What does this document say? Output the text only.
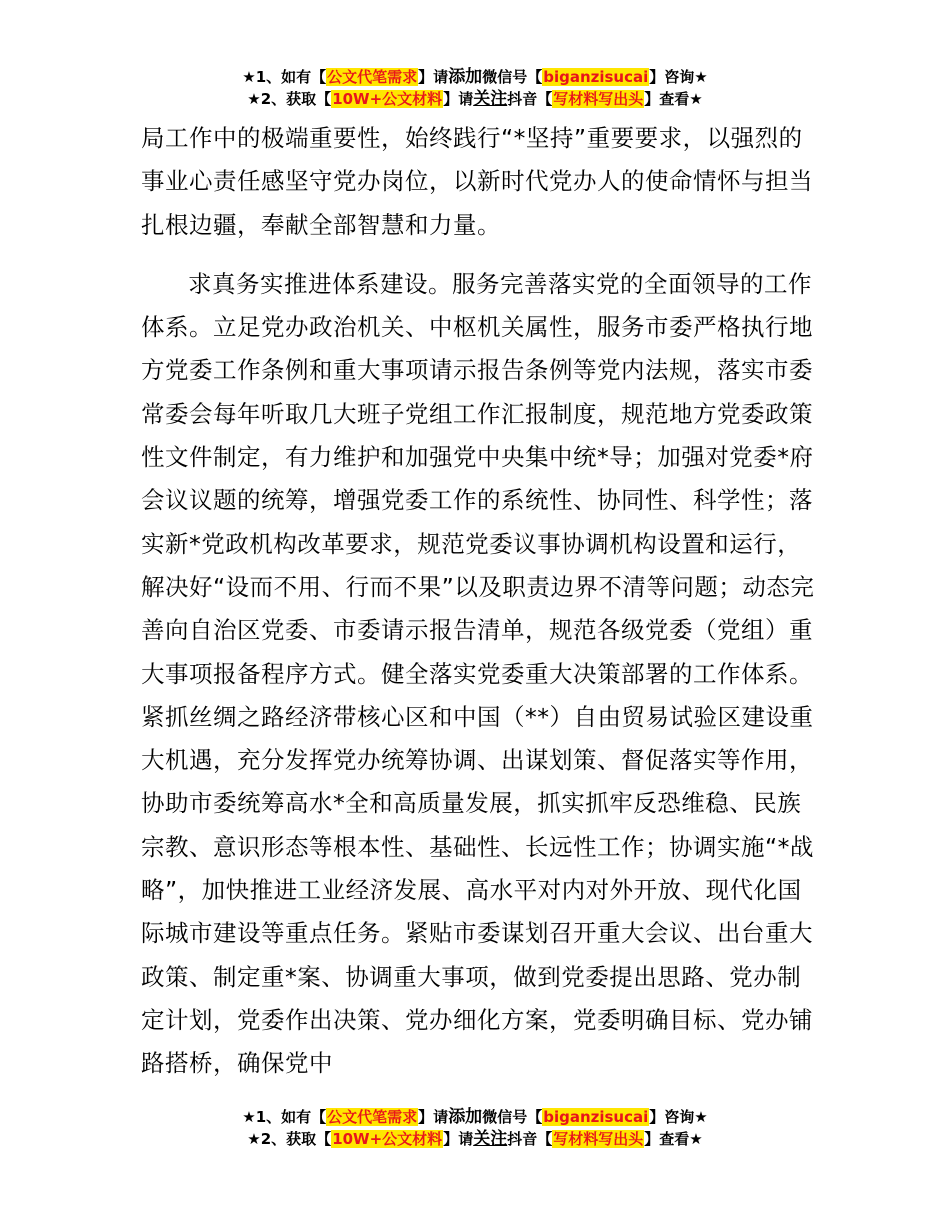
★1、如有【公文代笔需求】请添加微信号【biganzisucai】咨询★
★2、获取【10W+公文材料】请关注抖音【写材料写出头】查看★

局工作中的极端重要性，始终践行“*坚持”重要要求，以强烈的事业心责任感坚守党办岗位，以新时代党办人的使命情怀与担当扎根边疆，奉献全部智慧和力量。

求真务实推进体系建设。服务完善落实党的全面领导的工作体系。立足党办政治机关、中枢机关属性，服务市委严格执行地方党委工作条例和重大事项请示报告条例等党内法规，落实市委常委会每年听取几大班子党组工作汇报制度，规范地方党委政策性文件制定，有力维护和加强党中央集中统*导；加强对党委*府会议议题的统筹，增强党委工作的系统性、协同性、科学性；落实新*党政机构改革要求，规范党委议事协调机构设置和运行，解决好“设而不用、行而不果”以及职责边界不清等问题；动态完善向自治区党委、市委请示报告清单，规范各级党委（党组）重大事项报备程序方式。健全落实党委重大决策部署的工作体系。紧抓丝绸之路经济带核心区和中国（**）自由贸易试验区建设重大机遇，充分发挥党办统筹协调、出谋划策、督促落实等作用，协助市委统筹高水*全和高质量发展，抓实抓牢反恐维稳、民族宗教、意识形态等根本性、基础性、长远性工作；协调实施“*战略”，加快推进工业经济发展、高水平对内对外开放、现代化国际城市建设等重点任务。紧贴市委谋划召开重大会议、出台重大政策、制定重*案、协调重大事项，做到党委提出思路、党办制定计划，党委作出决策、党办细化方案，党委明确目标、党办铺路搭桥，确保党中

★1、如有【公文代笔需求】请添加微信号【biganzisucai】咨询★
★2、获取【10W+公文材料】请关注抖音【写材料写出头】查看★
